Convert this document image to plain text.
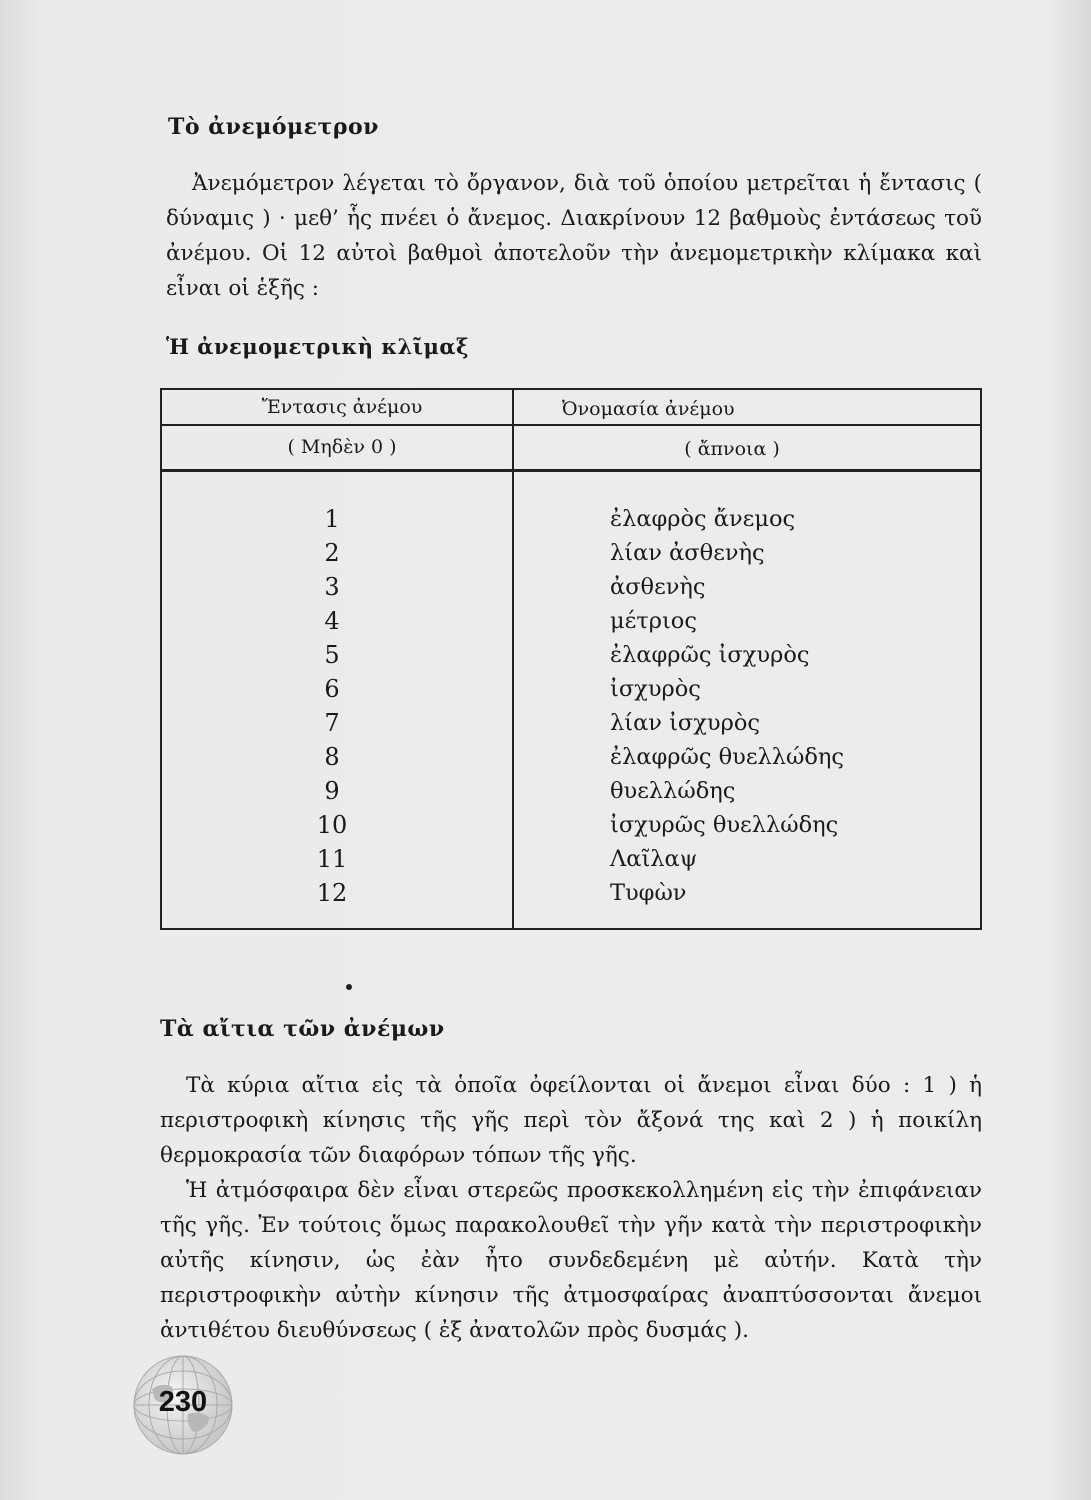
Τὸ ἀνεμόμετρον
Ἀνεμόμετρον λέγεται τὸ ὄργανον, διὰ τοῦ ὁποίου μετρεῖται ἡ ἔντασις ( δύναμις ) · μεθ’ ἧς πνέει ὁ ἄνεμος. Διακρίνουν 12 βαθμοὺς ἐντάσεως τοῦ ἀνέμου. Οἱ 12 αὐτοὶ βαθμοὶ ἀποτελοῦν τὴν ἀνεμομετρικὴν κλίμακα καὶ εἶναι οἱ ἑξῆς :
Ἡ ἀνεμομετρικὴ κλῖμαξ
Ἔντασις ἀνέμου	Ὀνομασία ἀνέμου
( Μηδὲν 0 )	( ἄπνοια )
1
2
3
4
5
6
7
8
9
10
11
12
ἐλαφρὸς ἄνεμος
λίαν ἀσθενὴς
ἀσθενὴς
μέτριος
ἐλαφρῶς ἰσχυρὸς
ἰσχυρὸς
λίαν ἰσχυρὸς
ἐλαφρῶς θυελλώδης
θυελλώδης
ἰσχυρῶς θυελλώδης
Λαῖλαψ
Τυφὼν
Τὰ αἴτια τῶν ἀνέμων

Τὰ κύρια αἴτια εἰς τὰ ὁποῖα ὀφείλονται οἱ ἄνεμοι εἶναι δύο : 1 ) ἡ περιστροφικὴ κίνησις τῆς γῆς περὶ τὸν ἄξονά της καὶ 2 ) ἡ ποικίλη θερμοκρασία τῶν διαφόρων τόπων τῆς γῆς.

Ἡ ἀτμόσφαιρα δὲν εἶναι στερεῶς προσκεκολλημένη εἰς τὴν ἐπιφάνειαν τῆς γῆς. Ἐν τούτοις ὅμως παρακολουθεῖ τὴν γῆν κατὰ τὴν περιστροφικὴν αὐτῆς κίνησιν, ὡς ἐὰν ἦτο συνδεδεμένη μὲ αὐτήν. Κατὰ τὴν περιστροφικὴν αὐτὴν κίνησιν τῆς ἀτμοσφαίρας ἀναπτύσσονται ἄνεμοι ἀντιθέτου διευθύνσεως ( ἐξ ἀνατολῶν πρὸς δυσμάς ).

230
